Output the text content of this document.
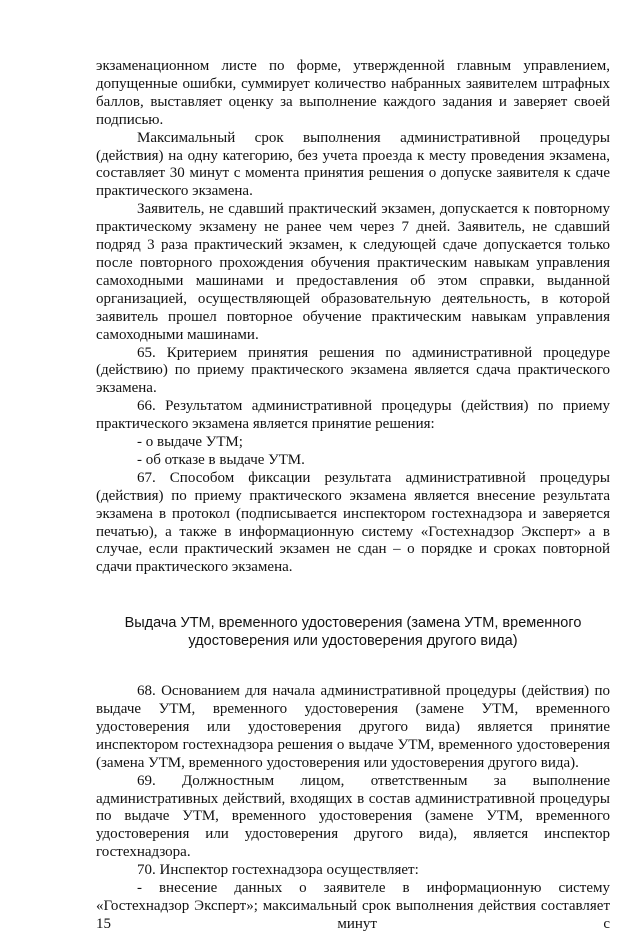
экзаменационном листе по форме, утвержденной главным управлением, допущенные ошибки, суммирует количество набранных заявителем штрафных баллов, выставляет оценку за выполнение каждого задания и заверяет своей подписью.

Максимальный срок выполнения административной процедуры (действия) на одну категорию, без учета проезда к месту проведения экзамена, составляет 30 минут с момента принятия решения о допуске заявителя к сдаче практического экзамена.

Заявитель, не сдавший практический экзамен, допускается к повторному практическому экзамену не ранее чем через 7 дней. Заявитель, не сдавший подряд 3 раза практический экзамен, к следующей сдаче допускается только после повторного прохождения обучения практическим навыкам управления самоходными машинами и предоставления об этом справки, выданной организацией, осуществляющей образовательную деятельность, в которой заявитель прошел повторное обучение практическим навыкам управления самоходными машинами.

65. Критерием принятия решения по административной процедуре (действию) по приему практического экзамена является сдача практического экзамена.

66. Результатом административной процедуры (действия) по приему практического экзамена является принятие решения:

- о выдаче УТМ;

- об отказе в выдаче УТМ.

67. Способом фиксации результата административной процедуры (действия) по приему практического экзамена является внесение результата экзамена в протокол (подписывается инспектором гостехнадзора и заверяется печатью), а также в информационную систему «Гостехнадзор Эксперт» а в случае, если практический экзамен не сдан – о порядке и сроках повторной сдачи практического экзамена.

Выдача УТМ, временного удостоверения (замена УТМ, временного удостоверения или удостоверения другого вида)

68. Основанием для начала административной процедуры (действия) по выдаче УТМ, временного удостоверения (замене УТМ, временного удостоверения или удостоверения другого вида) является принятие инспектором гостехнадзора решения о выдаче УТМ, временного удостоверения (замена УТМ, временного удостоверения или удостоверения другого вида).

69. Должностным лицом, ответственным за выполнение административных действий, входящих в состав административной процедуры по выдаче УТМ, временного удостоверения (замене УТМ, временного удостоверения или удостоверения другого вида), является инспектор гостехнадзора.

70. Инспектор гостехнадзора осуществляет:

- внесение данных о заявителе в информационную систему «Гостехнадзор Эксперт»; максимальный срок выполнения действия составляет 15 минут с
